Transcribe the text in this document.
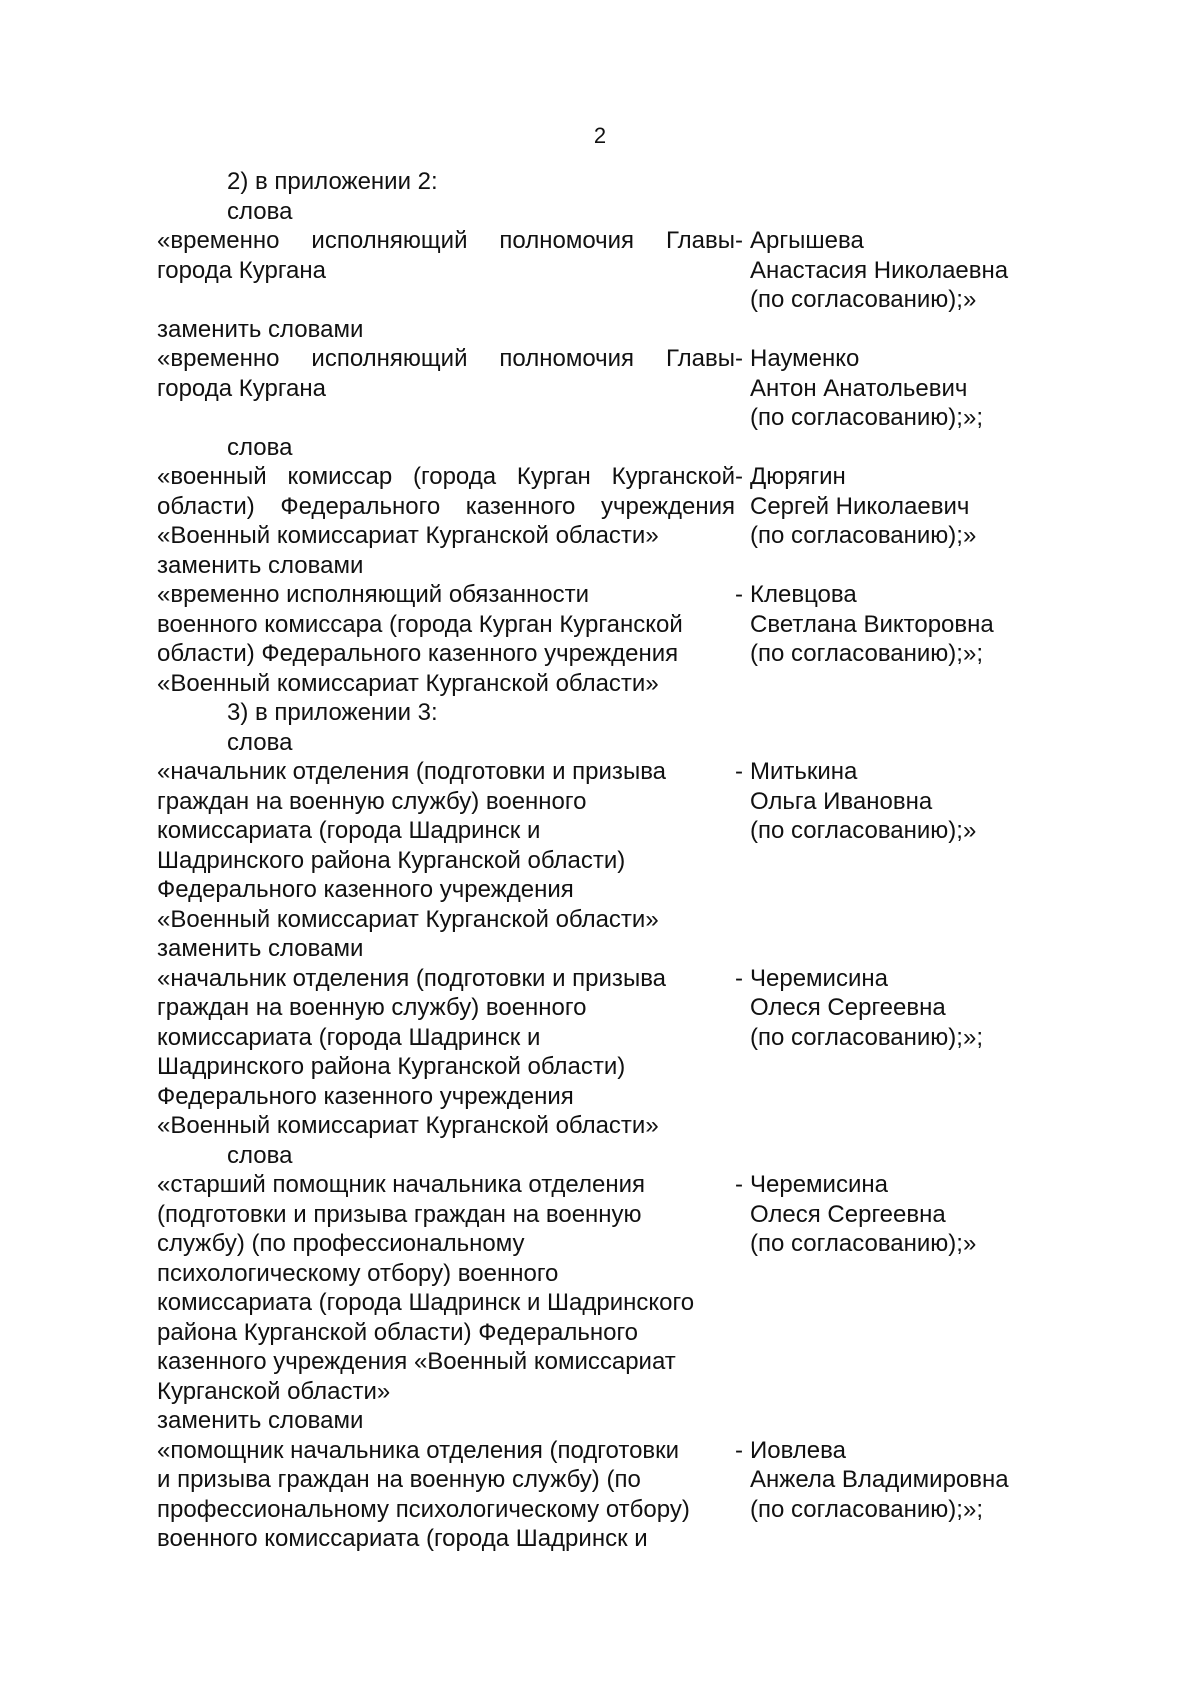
2
2) в приложении 2:
слова
«временно исполняющий полномочия Главы
города Кургана
- Аргышева
Анастасия Николаевна
(по согласованию);»
заменить словами
«временно исполняющий полномочия Главы
города Кургана
- Науменко
Антон Анатольевич
(по согласованию);»;
слова
«военный комиссар (города Курган Курганской
области) Федерального казенного учреждения
«Военный комиссариат Курганской области»
- Дюрягин
Сергей Николаевич
(по согласованию);»
заменить словами
«временно исполняющий обязанности
военного комиссара (города Курган Курганской
области) Федерального казенного учреждения
«Военный комиссариат Курганской области»
- Клевцова
Светлана Викторовна
(по согласованию);»;
3) в приложении 3:
слова
«начальник отделения (подготовки и призыва
граждан на военную службу) военного
комиссариата (города Шадринск и
Шадринского района Курганской области)
Федерального казенного учреждения
«Военный комиссариат Курганской области»
- Митькина
Ольга Ивановна
(по согласованию);»
заменить словами
«начальник отделения (подготовки и призыва
граждан на военную службу) военного
комиссариата (города Шадринск и
Шадринского района Курганской области)
Федерального казенного учреждения
«Военный комиссариат Курганской области»
- Черемисина
Олеся Сергеевна
(по согласованию);»;
слова
«старший помощник начальника отделения
(подготовки и призыва граждан на военную
службу) (по профессиональному
психологическому отбору) военного
комиссариата (города Шадринск и Шадринского
района Курганской области) Федерального
казенного учреждения «Военный комиссариат
Курганской области»
- Черемисина
Олеся Сергеевна
(по согласованию);»
заменить словами
«помощник начальника отделения (подготовки
и призыва граждан на военную службу) (по
профессиональному психологическому отбору)
военного комиссариата (города Шадринск и
- Иовлева
Анжела Владимировна
(по согласованию);»;
